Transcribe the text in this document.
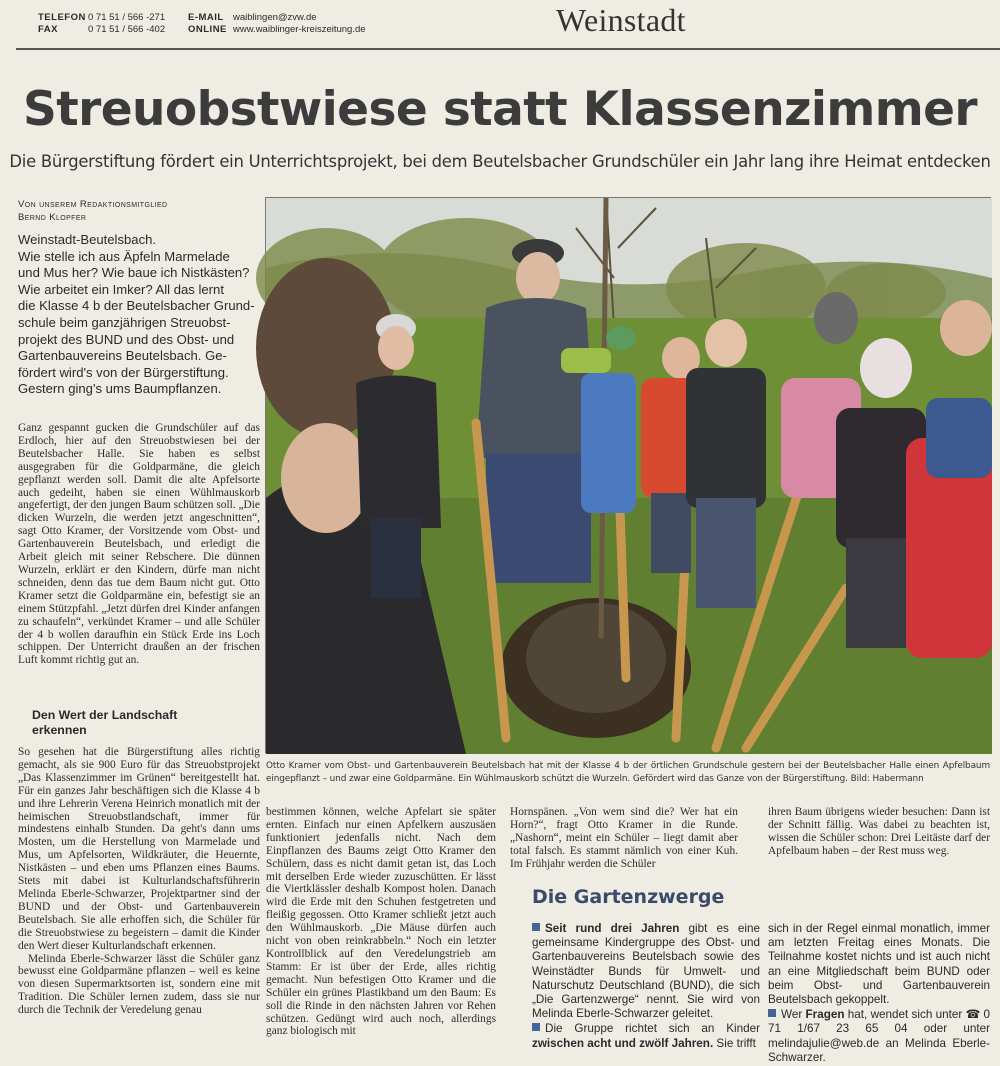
TELEFON 0 71 51 / 566 -271
FAX	0 71 51 / 566 -402
E-MAIL waiblingen@zvw.de
ONLINE www.waiblinger-kreiszeitung.de	Weinstadt
Streuobstwiese statt Klassenzimmer
Die Bürgerstiftung fördert ein Unterrichtsprojekt, bei dem Beutelsbacher Grundschüler ein Jahr lang ihre Heimat entdecken
Von unserem Redaktionsmitglied
Bernd Klopfer

Weinstadt-Beutelsbach.

Wie stelle ich aus Äpfeln Marmelade

und Mus her? Wie baue ich Nistkästen?

Wie arbeitet ein Imker? All das lernt

die Klasse 4 b der Beutelsbacher Grund-

schule beim ganzjährigen Streuobst-

projekt des BUND und des Obst- und

Gartenbauvereins Beutelsbach. Ge-

fördert wird's von der Bürgerstiftung.

Gestern ging's ums Baumpflanzen.

Ganz gespannt gucken die Grundschüler auf das Erdloch, hier auf den Streuobstwiesen bei der Beutelsbacher Halle. Sie haben es selbst ausgegraben für die Goldparmäne, die gleich gepflanzt werden soll. Damit die alte Apfelsorte auch gedeiht, haben sie einen Wühlmauskorb angefertigt, der den jungen Baum schützen soll. „Die dicken Wurzeln, die werden jetzt angeschnitten“, sagt Otto Kramer, der Vorsitzende vom Obst- und Gartenbauverein Beutelsbach, und erledigt die Arbeit gleich mit seiner Rebschere. Die dünnen Wurzeln, erklärt er den Kindern, dürfe man nicht schneiden, denn das tue dem Baum nicht gut. Otto Kramer setzt die Goldparmäne ein, befestigt sie an einem Stützpfahl. „Jetzt dürfen drei Kinder anfangen zu schaufeln“, verkündet Kramer – und alle Schüler der 4 b wollen daraufhin ein Stück Erde ins Loch schippen. Der Unterricht draußen an der frischen Luft kommt richtig gut an.

Den Wert der Landschaft erkennen

So gesehen hat die Bürgerstiftung alles richtig gemacht, als sie 900 Euro für das Streuobstprojekt „Das Klassenzimmer im Grünen“ bereitgestellt hat. Für ein ganzes Jahr beschäftigen sich die Klasse 4 b und ihre Lehrerin Verena Heinrich monatlich mit der heimischen Streuobstlandschaft, immer für mindestens einhalb Stunden. Da geht's dann ums Mosten, um die Herstellung von Marmelade und Mus, um Apfelsorten, Wildkräuter, die Heuernte, Nistkästen – und eben ums Pflanzen eines Baums. Stets mit dabei ist Kulturlandschaftsführerin Melinda Eberle-Schwarzer, Projektpartner sind der BUND und der Obst- und Gartenbauverein Beutelsbach. Sie alle erhoffen sich, die Schüler für die Streuobstwiese zu begeistern – damit die Kinder den Wert dieser Kulturlandschaft erkennen.

Melinda Eberle-Schwarzer lässt die Schüler ganz bewusst eine Goldparmäne pflanzen – weil es keine von diesen Supermarktsorten ist, sondern eine mit Tradition. Die Schüler lernen zudem, dass sie nur durch die Technik der Veredelung genau

Otto Kramer vom Obst- und Gartenbauverein Beutelsbach hat mit der Klasse 4 b der örtlichen Grundschule gestern bei der Beutelsbacher Halle einen Apfelbaum eingepflanzt – und zwar eine Goldparmäne. Ein Wühlmauskorb schützt die Wurzeln. Gefördert wird das Ganze von der Bürgerstiftung. Bild: Habermann

bestimmen können, welche Apfelart sie später ernten. Einfach nur einen Apfelkern auszusäen funktioniert jedenfalls nicht. Nach dem Einpflanzen des Baums zeigt Otto Kramer den Schülern, dass es nicht damit getan ist, das Loch mit derselben Erde wieder zuzuschütten. Er lässt die Viertklässler deshalb Kompost holen. Danach wird die Erde mit den Schuhen festgetreten und fleißig gegossen. Otto Kramer schließt jetzt auch den Wühlmauskorb. „Die Mäuse dürfen auch nicht von oben reinkrabbeln.“ Noch ein letzter Kontrollblick auf den Veredelungstrieb am Stamm: Er ist über der Erde, alles richtig gemacht. Nun befestigen Otto Kramer und die Schüler ein grünes Plastikband um den Baum: Es soll die Rinde in den nächsten Jahren vor Rehen schützen. Gedüngt wird auch noch, allerdings ganz biologisch mit

Hornspänen. „Von wem sind die? Wer hat ein Horn?“, fragt Otto Kramer in die Runde. „Nashorn“, meint ein Schüler – liegt damit aber total falsch. Es stammt nämlich von einer Kuh. Im Frühjahr werden die Schüler

ihren Baum übrigens wieder besuchen: Dann ist der Schnitt fällig. Was dabei zu beachten ist, wissen die Schüler schon: Drei Leitäste darf der Apfelbaum haben – der Rest muss weg.

Die Gartenzwerge

Seit rund drei Jahren gibt es eine gemeinsame Kindergruppe des Obst- und Gartenbauvereins Beutelsbach sowie des Weinstädter Bunds für Umwelt- und Naturschutz Deutschland (BUND), die sich „Die Gartenzwerge“ nennt. Sie wird von Melinda Eberle-Schwarzer geleitet.

Die Gruppe richtet sich an Kinder zwischen acht und zwölf Jahren. Sie trifft

sich in der Regel einmal monatlich, immer am letzten Freitag eines Monats. Die Teilnahme kostet nichts und ist auch nicht an eine Mitgliedschaft beim BUND oder beim Obst- und Gartenbauverein Beutelsbach gekoppelt.

Wer Fragen hat, wendet sich unter ☎ 0 71 1/67 23 65 04 oder unter melindajulie@web.de an Melinda Eberle-Schwarzer.
